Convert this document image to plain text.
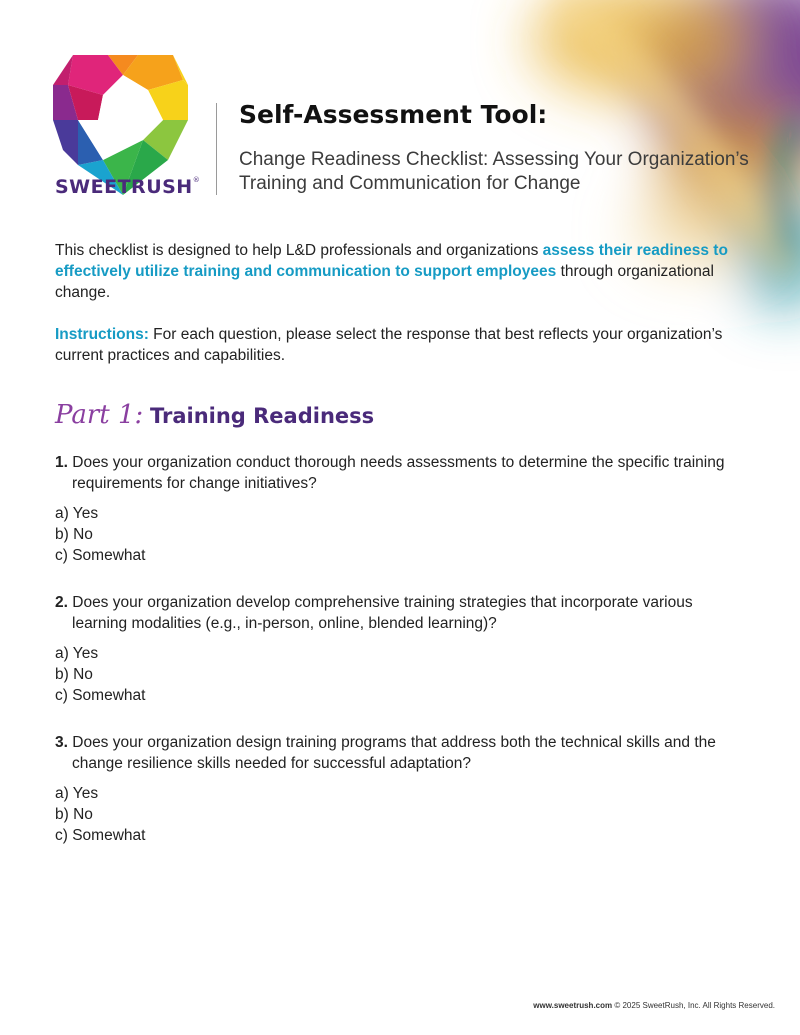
SWEETRUSH®
Self-Assessment Tool:

Change Readiness Checklist: Assessing Your Organization’s Training and Communication for Change

This checklist is designed to help L&D professionals and organizations assess their readiness to effectively utilize training and communication to support employees through organizational change.

Instructions: For each question, please select the response that best reflects your organization’s current practices and capabilities.

Part 1: Training Readiness

1. Does your organization conduct thorough needs assessments to determine the specific training requirements for change initiatives?

a) Yes
b) No
c) Somewhat

2. Does your organization develop comprehensive training strategies that incorporate various learning modalities (e.g., in-person, online, blended learning)?

a) Yes
b) No
c) Somewhat

3. Does your organization design training programs that address both the technical skills and the change resilience skills needed for successful adaptation?

a) Yes
b) No
c) Somewhat

www.sweetrush.com © 2025 SweetRush, Inc. All Rights Reserved.
